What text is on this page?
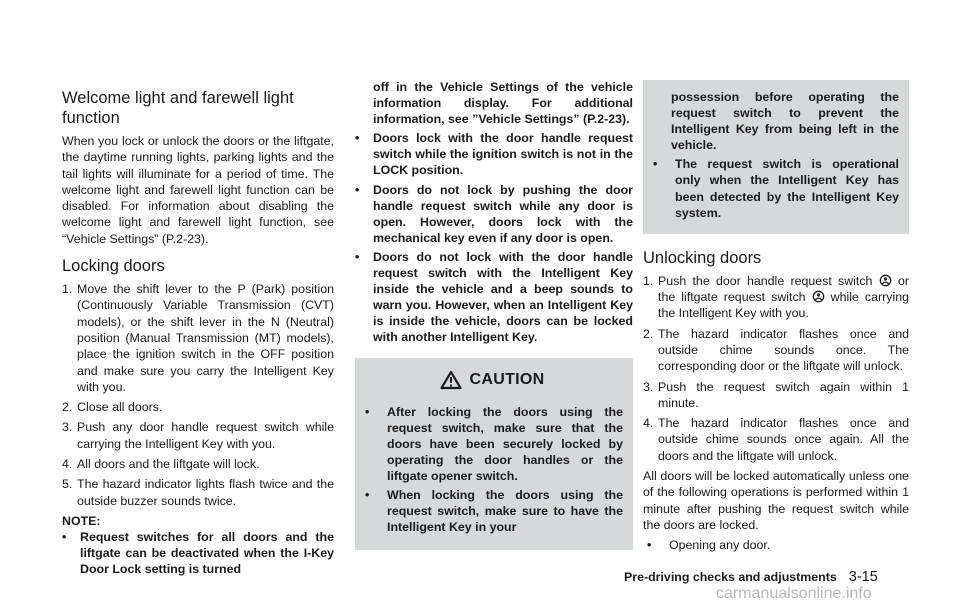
Welcome light and farewell light function

When you lock or unlock the doors or the liftgate, the daytime running lights, parking lights and the tail lights will illuminate for a period of time. The welcome light and farewell light function can be disabled. For information about disabling the welcome light and farewell light function, see “Vehicle Settings” (P.2-23).

Locking doors
1. Move the shift lever to the P (Park) position (Continuously Variable Transmission (CVT) models), or the shift lever in the N (Neutral) position (Manual Transmission (MT) models), place the ignition switch in the OFF position and make sure you carry the Intelligent Key with you.
2. Close all doors.
3. Push any door handle request switch while carrying the Intelligent Key with you.
4. All doors and the liftgate will lock.
5. The hazard indicator lights flash twice and the outside buzzer sounds twice.
NOTE:
•	Request switches for all doors and the liftgate can be deactivated when the I-Key Door Lock setting is turned
off in the Vehicle Settings of the vehicle information display. For additional information, see ”Vehicle Settings” (P.2-23).
•	Doors lock with the door handle request switch while the ignition switch is not in the LOCK position.
•	Doors do not lock by pushing the door handle request switch while any door is open. However, doors lock with the mechanical key even if any door is open.
•	Doors do not lock with the door handle request switch with the Intelligent Key inside the vehicle and a beep sounds to warn you. However, when an Intelligent Key is inside the vehicle, doors can be locked with another Intelligent Key.
CAUTION
•	After locking the doors using the request switch, make sure that the doors have been securely locked by operating the door handles or the liftgate opener switch.
•	When locking the doors using the request switch, make sure to have the Intelligent Key in your
possession before operating the request switch to prevent the Intelligent Key from being left in the vehicle.
•	The request switch is operational only when the Intelligent Key has been detected by the Intelligent Key system.
Unlocking doors
1. Push the door handle request switch or the liftgate request switch while carrying the Intelligent Key with you.
2. The hazard indicator flashes once and outside chime sounds once. The corresponding door or the liftgate will unlock.
3. Push the request switch again within 1 minute.
4. The hazard indicator flashes once and outside chime sounds once again. All the doors and the liftgate will unlock.

All doors will be locked automatically unless one of the following operations is performed within 1 minute after pushing the request switch while the doors are locked.

•	Opening any door.
Pre-driving checks and adjustments 3-15
carmanualsonline.info
